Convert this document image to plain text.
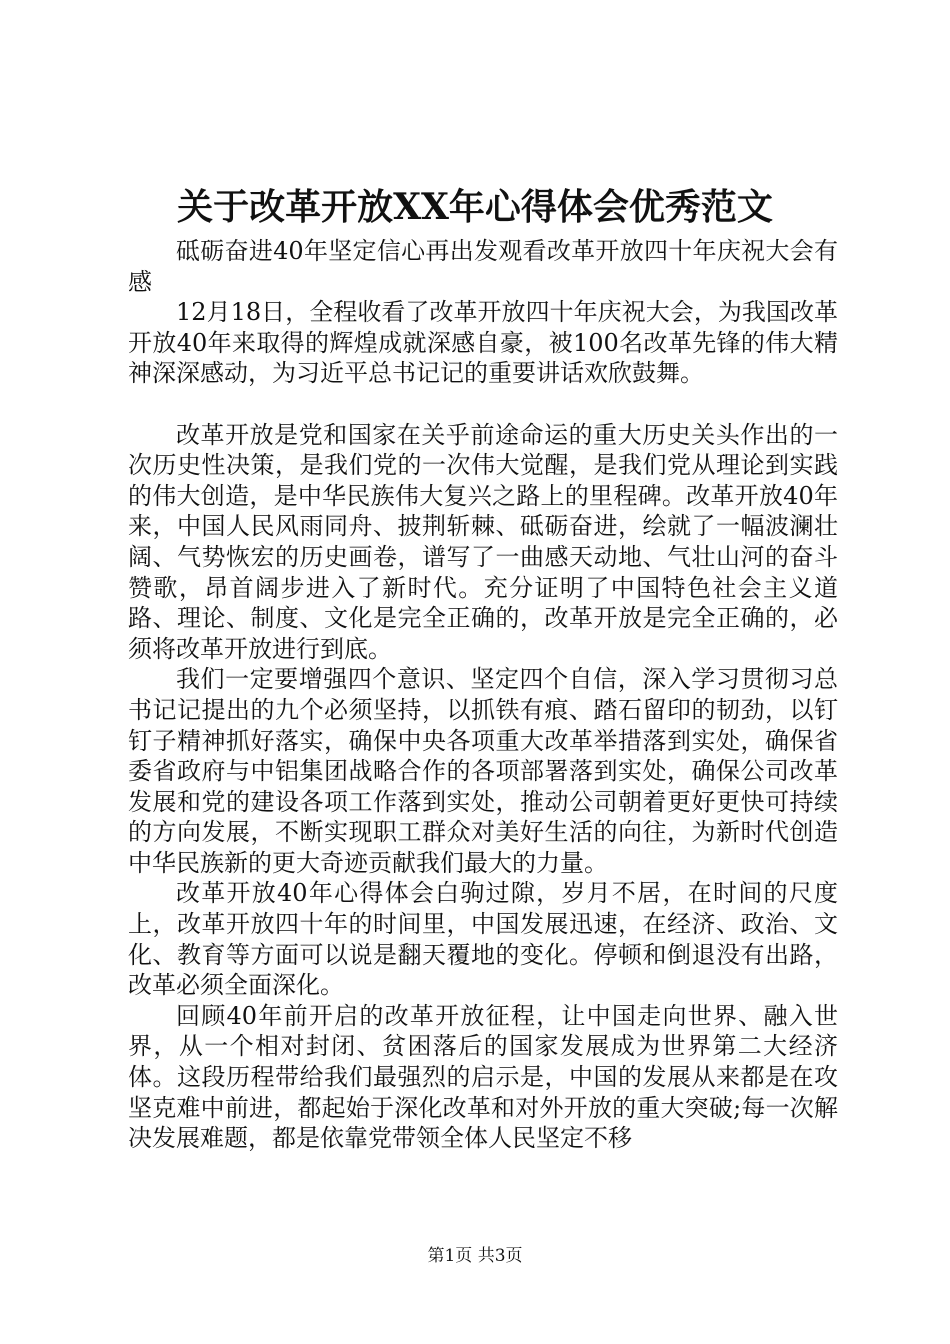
关于改革开放XX年心得体会优秀范文

砥砺奋进40年坚定信心再出发观看改革开放四十年庆祝大会有感

12月18日，全程收看了改革开放四十年庆祝大会，为我国改革开放40年来取得的辉煌成就深感自豪，被100名改革先锋的伟大精神深深感动，为习近平总书记记的重要讲话欢欣鼓舞。

改革开放是党和国家在关乎前途命运的重大历史关头作出的一次历史性决策，是我们党的一次伟大觉醒，是我们党从理论到实践的伟大创造，是中华民族伟大复兴之路上的里程碑。改革开放40年来，中国人民风雨同舟、披荆斩棘、砥砺奋进，绘就了一幅波澜壮阔、气势恢宏的历史画卷，谱写了一曲感天动地、气壮山河的奋斗赞歌，昂首阔步进入了新时代。充分证明了中国特色社会主义道路、理论、制度、文化是完全正确的，改革开放是完全正确的，必须将改革开放进行到底。

我们一定要增强四个意识、坚定四个自信，深入学习贯彻习总书记记提出的九个必须坚持，以抓铁有痕、踏石留印的韧劲，以钉钉子精神抓好落实，确保中央各项重大改革举措落到实处，确保省委省政府与中铝集团战略合作的各项部署落到实处，确保公司改革发展和党的建设各项工作落到实处，推动公司朝着更好更快可持续的方向发展，不断实现职工群众对美好生活的向往，为新时代创造中华民族新的更大奇迹贡献我们最大的力量。

改革开放40年心得体会白驹过隙，岁月不居，在时间的尺度上，改革开放四十年的时间里，中国发展迅速，在经济、政治、文化、教育等方面可以说是翻天覆地的变化。停顿和倒退没有出路，改革必须全面深化。

回顾40年前开启的改革开放征程，让中国走向世界、融入世界，从一个相对封闭、贫困落后的国家发展成为世界第二大经济体。这段历程带给我们最强烈的启示是，中国的发展从来都是在攻坚克难中前进，都起始于深化改革和对外开放的重大突破;每一次解决发展难题，都是依靠党带领全体人民坚定不移

第1页 共3页
